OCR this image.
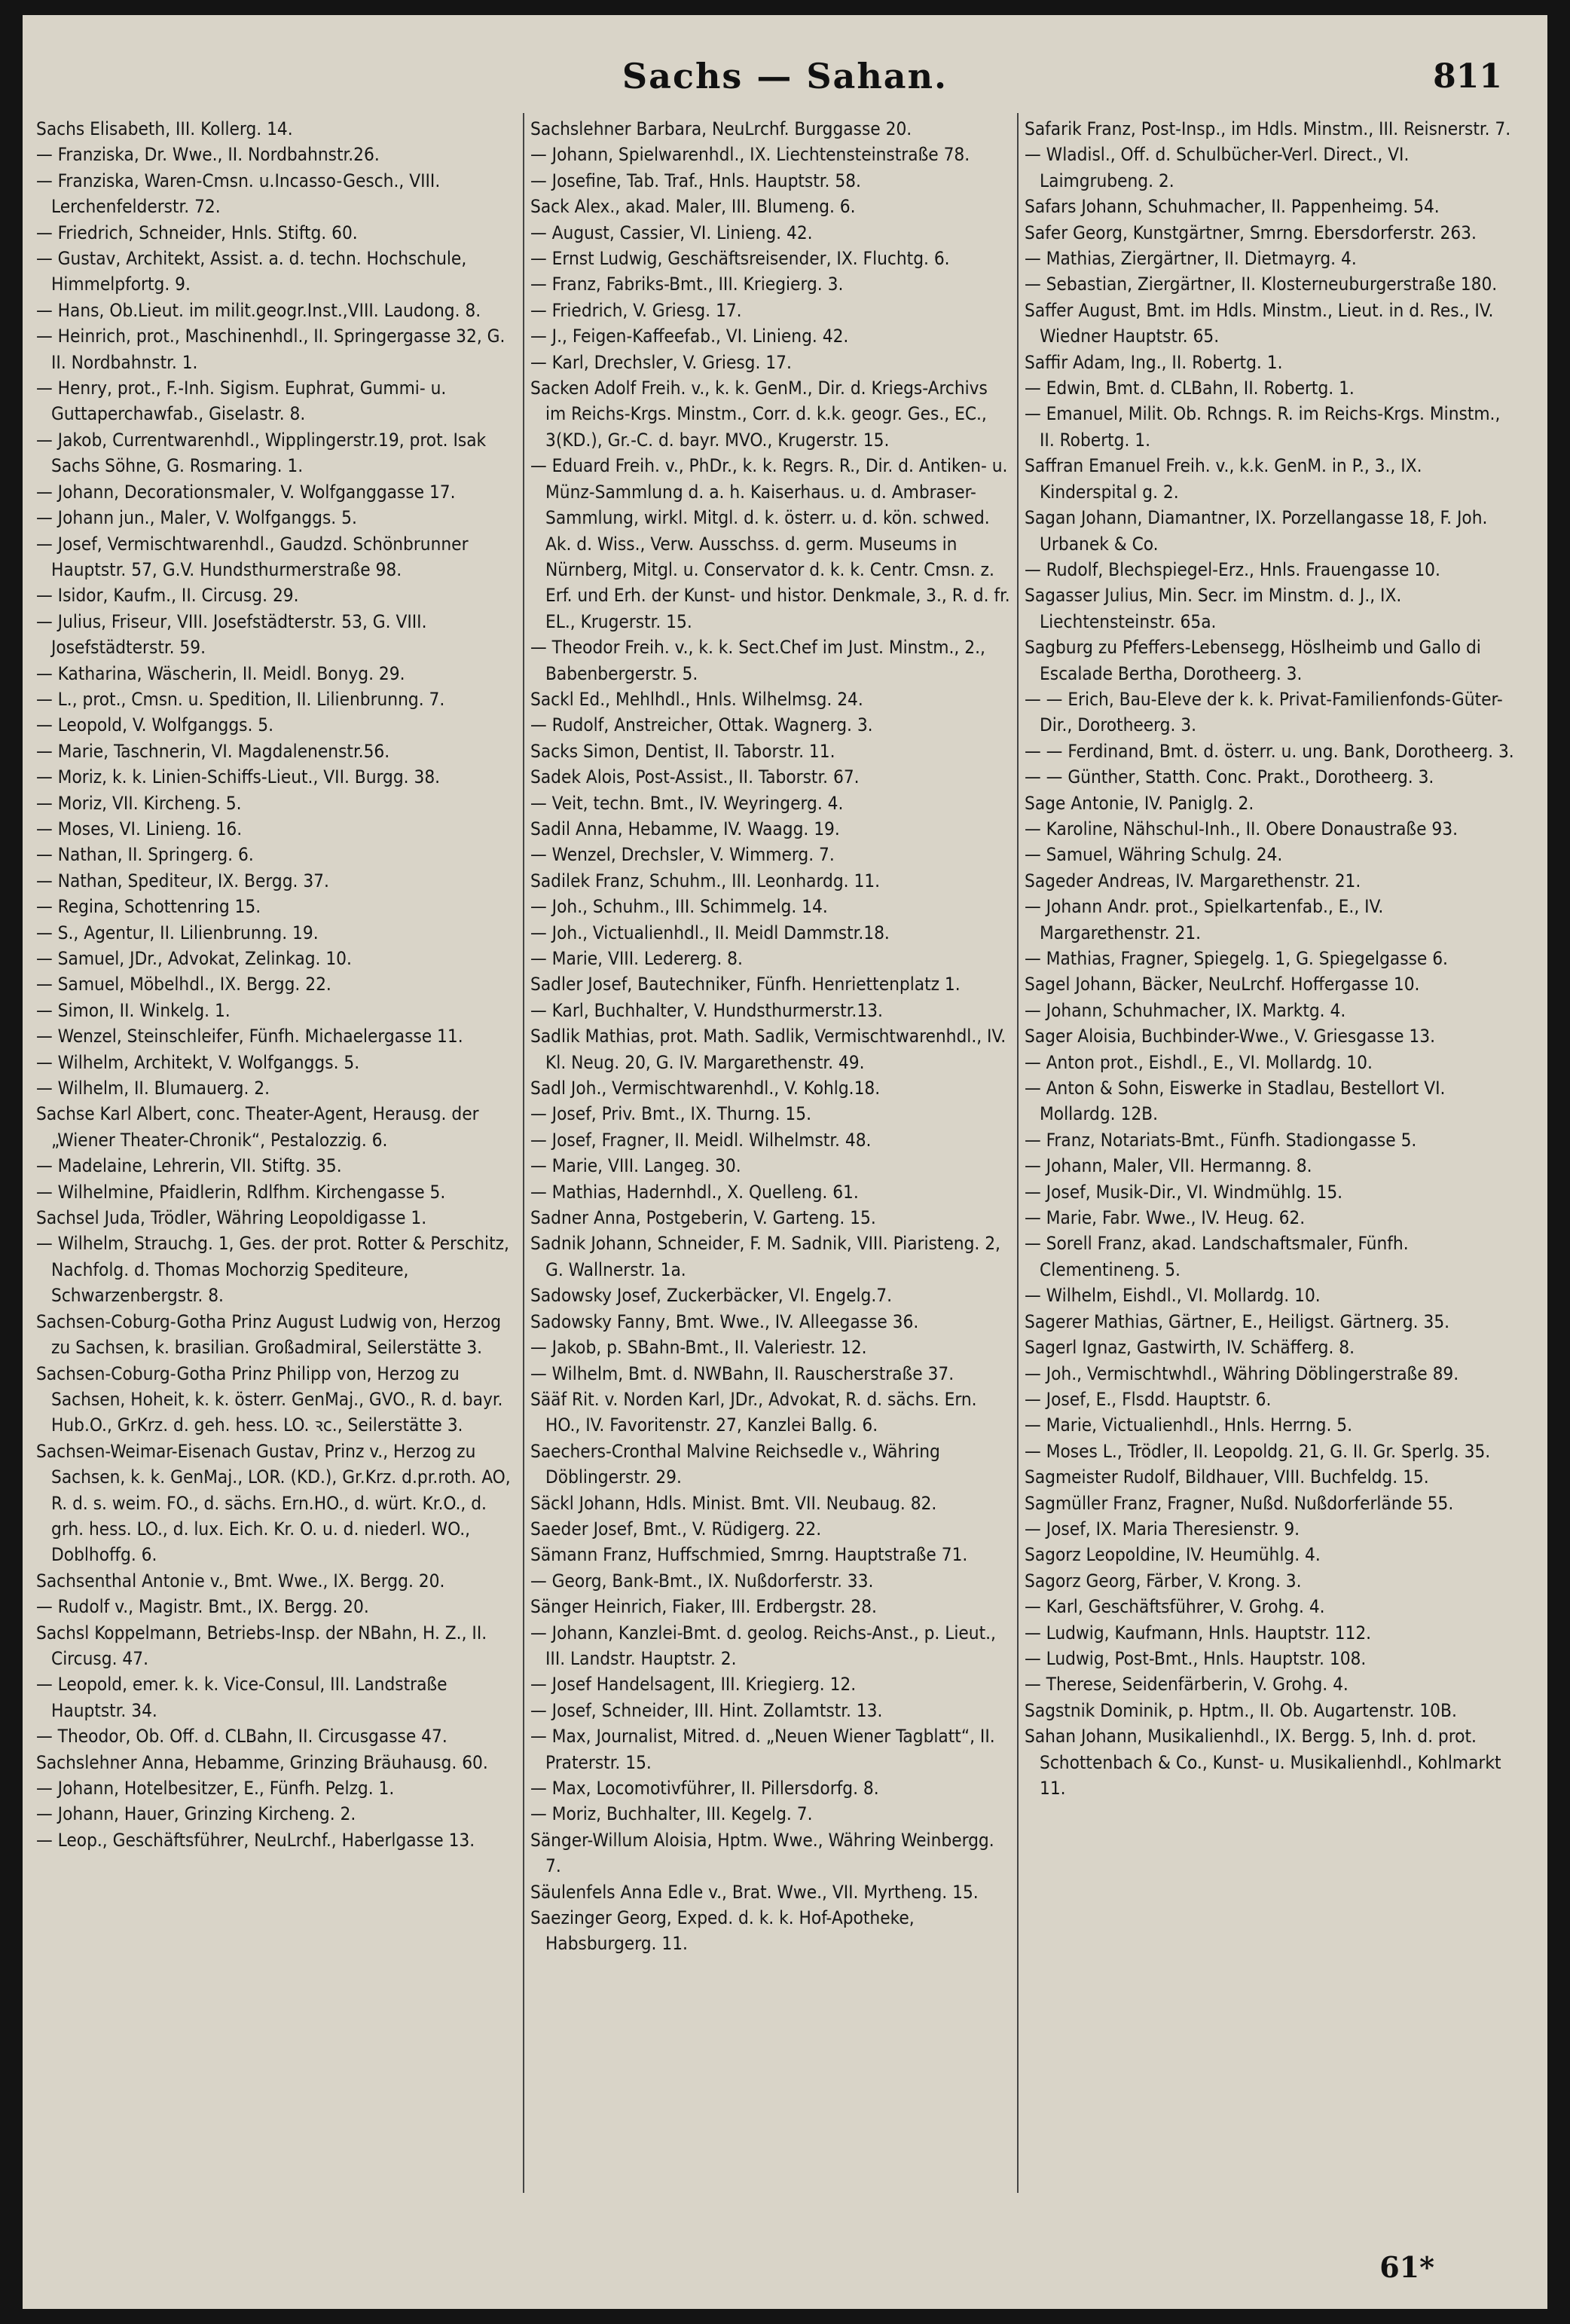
Sachs — Sahan.	811

Sachs Elisabeth, III. Kollerg. 14.

— Franziska, Dr. Wwe., II. Nordbahnstr.26.

— Franziska, Waren-Cmsn. u.Incasso-Gesch., VIII. Lerchenfelderstr. 72.

— Friedrich, Schneider, Hnls. Stiftg. 60.

— Gustav, Architekt, Assist. a. d. techn. Hochschule, Himmelpfortg. 9.

— Hans, Ob.Lieut. im milit.geogr.Inst.,VIII. Laudong. 8.

— Heinrich, prot., Maschinenhdl., II. Springergasse 32, G. II. Nordbahnstr. 1.

— Henry, prot., F.-Inh. Sigism. Euphrat, Gummi- u. Guttaperchawfab., Giselastr. 8.

— Jakob, Currentwarenhdl., Wipplingerstr.19, prot. Isak Sachs Söhne, G. Rosmaring. 1.

— Johann, Decorationsmaler, V. Wolfganggasse 17.

— Johann jun., Maler, V. Wolfganggs. 5.

— Josef, Vermischtwarenhdl., Gaudzd. Schönbrunner Hauptstr. 57, G.V. Hundsthurmerstraße 98.

— Isidor, Kaufm., II. Circusg. 29.

— Julius, Friseur, VIII. Josefstädterstr. 53, G. VIII. Josefstädterstr. 59.

— Katharina, Wäscherin, II. Meidl. Bonyg. 29.

— L., prot., Cmsn. u. Spedition, II. Lilienbrunng. 7.

— Leopold, V. Wolfganggs. 5.

— Marie, Taschnerin, VI. Magdalenenstr.56.

— Moriz, k. k. Linien-Schiffs-Lieut., VII. Burgg. 38.

— Moriz, VII. Kircheng. 5.

— Moses, VI. Linieng. 16.

— Nathan, II. Springerg. 6.

— Nathan, Spediteur, IX. Bergg. 37.

— Regina, Schottenring 15.

— S., Agentur, II. Lilienbrunng. 19.

— Samuel, JDr., Advokat, Zelinkag. 10.

— Samuel, Möbelhdl., IX. Bergg. 22.

— Simon, II. Winkelg. 1.

— Wenzel, Steinschleifer, Fünfh. Michaelergasse 11.

— Wilhelm, Architekt, V. Wolfganggs. 5.

— Wilhelm, II. Blumauerg. 2.

Sachse Karl Albert, conc. Theater-Agent, Herausg. der „Wiener Theater-Chronik“, Pestalozzig. 6.

— Madelaine, Lehrerin, VII. Stiftg. 35.

— Wilhelmine, Pfaidlerin, Rdlfhm. Kirchengasse 5.

Sachsel Juda, Trödler, Währing Leopoldigasse 1.

— Wilhelm, Strauchg. 1, Ges. der prot. Rotter & Perschitz, Nachfolg. d. Thomas Mochorzig Spediteure, Schwarzenbergstr. 8.

Sachsen-Coburg-Gotha Prinz August Ludwig von, Herzog zu Sachsen, k. brasilian. Großadmiral, Seilerstätte 3.

Sachsen-Coburg-Gotha Prinz Philipp von, Herzog zu Sachsen, Hoheit, k. k. österr. GenMaj., GVO., R. d. bayr. Hub.O., GrKrz. d. geh. hess. LO. ꝛc., Seilerstätte 3.

Sachsen-Weimar-Eisenach Gustav, Prinz v., Herzog zu Sachsen, k. k. GenMaj., LOR. (KD.), Gr.Krz. d.pr.roth. AO, R. d. s. weim. FO., d. sächs. Ern.HO., d. würt. Kr.O., d. grh. hess. LO., d. lux. Eich. Kr. O. u. d. niederl. WO., Doblhoffg. 6.

Sachsenthal Antonie v., Bmt. Wwe., IX. Bergg. 20.

— Rudolf v., Magistr. Bmt., IX. Bergg. 20.

Sachsl Koppelmann, Betriebs-Insp. der NBahn, H. Z., II. Circusg. 47.

— Leopold, emer. k. k. Vice-Consul, III. Landstraße Hauptstr. 34.

— Theodor, Ob. Off. d. CLBahn, II. Circusgasse 47.

Sachslehner Anna, Hebamme, Grinzing Bräuhausg. 60.

— Johann, Hotelbesitzer, E., Fünfh. Pelzg. 1.

— Johann, Hauer, Grinzing Kircheng. 2.

— Leop., Geschäftsführer, NeuLrchf., Haberlgasse 13.

Sachslehner Barbara, NeuLrchf. Burggasse 20.

— Johann, Spielwarenhdl., IX. Liechtensteinstraße 78.

— Josefine, Tab. Traf., Hnls. Hauptstr. 58.

Sack Alex., akad. Maler, III. Blumeng. 6.

— August, Cassier, VI. Linieng. 42.

— Ernst Ludwig, Geschäftsreisender, IX. Fluchtg. 6.

— Franz, Fabriks-Bmt., III. Kriegierg. 3.

— Friedrich, V. Griesg. 17.

— J., Feigen-Kaffeefab., VI. Linieng. 42.

— Karl, Drechsler, V. Griesg. 17.

Sacken Adolf Freih. v., k. k. GenM., Dir. d. Kriegs-Archivs im Reichs-Krgs. Minstm., Corr. d. k.k. geogr. Ges., EC., 3(KD.), Gr.-C. d. bayr. MVO., Krugerstr. 15.

— Eduard Freih. v., PhDr., k. k. Regrs. R., Dir. d. Antiken- u. Münz-Sammlung d. a. h. Kaiserhaus. u. d. Ambraser-Sammlung, wirkl. Mitgl. d. k. österr. u. d. kön. schwed. Ak. d. Wiss., Verw. Ausschss. d. germ. Museums in Nürnberg, Mitgl. u. Conservator d. k. k. Centr. Cmsn. z. Erf. und Erh. der Kunst- und histor. Denkmale, 3., R. d. fr. EL., Krugerstr. 15.

— Theodor Freih. v., k. k. Sect.Chef im Just. Minstm., 2., Babenbergerstr. 5.

Sackl Ed., Mehlhdl., Hnls. Wilhelmsg. 24.

— Rudolf, Anstreicher, Ottak. Wagnerg. 3.

Sacks Simon, Dentist, II. Taborstr. 11.

Sadek Alois, Post-Assist., II. Taborstr. 67.

— Veit, techn. Bmt., IV. Weyringerg. 4.

Sadil Anna, Hebamme, IV. Waagg. 19.

— Wenzel, Drechsler, V. Wimmerg. 7.

Sadilek Franz, Schuhm., III. Leonhardg. 11.

— Joh., Schuhm., III. Schimmelg. 14.

— Joh., Victualienhdl., II. Meidl Dammstr.18.

— Marie, VIII. Ledererg. 8.

Sadler Josef, Bautechniker, Fünfh. Henriettenplatz 1.

— Karl, Buchhalter, V. Hundsthurmerstr.13.

Sadlik Mathias, prot. Math. Sadlik, Vermischtwarenhdl., IV. Kl. Neug. 20, G. IV. Margarethenstr. 49.

Sadl Joh., Vermischtwarenhdl., V. Kohlg.18.

— Josef, Priv. Bmt., IX. Thurng. 15.

— Josef, Fragner, II. Meidl. Wilhelmstr. 48.

— Marie, VIII. Langeg. 30.

— Mathias, Hadernhdl., X. Quelleng. 61.

Sadner Anna, Postgeberin, V. Garteng. 15.

Sadnik Johann, Schneider, F. M. Sadnik, VIII. Piaristeng. 2, G. Wallnerstr. 1a.

Sadowsky Josef, Zuckerbäcker, VI. Engelg.7.

Sadowsky Fanny, Bmt. Wwe., IV. Alleegasse 36.

— Jakob, p. SBahn-Bmt., II. Valeriestr. 12.

— Wilhelm, Bmt. d. NWBahn, II. Rauscherstraße 37.

Sääf Rit. v. Norden Karl, JDr., Advokat, R. d. sächs. Ern. HO., IV. Favoritenstr. 27, Kanzlei Ballg. 6.

Saechers-Cronthal Malvine Reichsedle v., Währing Döblingerstr. 29.

Säckl Johann, Hdls. Minist. Bmt. VII. Neubaug. 82.

Saeder Josef, Bmt., V. Rüdigerg. 22.

Sämann Franz, Huffschmied, Smrng. Hauptstraße 71.

— Georg, Bank-Bmt., IX. Nußdorferstr. 33.

Sänger Heinrich, Fiaker, III. Erdbergstr. 28.

— Johann, Kanzlei-Bmt. d. geolog. Reichs-Anst., p. Lieut., III. Landstr. Hauptstr. 2.

— Josef Handelsagent, III. Kriegierg. 12.

— Josef, Schneider, III. Hint. Zollamtstr. 13.

— Max, Journalist, Mitred. d. „Neuen Wiener Tagblatt“, II. Praterstr. 15.

— Max, Locomotivführer, II. Pillersdorfg. 8.

— Moriz, Buchhalter, III. Kegelg. 7.

Sänger-Willum Aloisia, Hptm. Wwe., Währing Weinbergg. 7.

Säulenfels Anna Edle v., Brat. Wwe., VII. Myrtheng. 15.

Saezinger Georg, Exped. d. k. k. Hof-Apotheke, Habsburgerg. 11.

Safarik Franz, Post-Insp., im Hdls. Minstm., III. Reisnerstr. 7.

— Wladisl., Off. d. Schulbücher-Verl. Direct., VI. Laimgrubeng. 2.

Safars Johann, Schuhmacher, II. Pappenheimg. 54.

Safer Georg, Kunstgärtner, Smrng. Ebersdorferstr. 263.

— Mathias, Ziergärtner, II. Dietmayrg. 4.

— Sebastian, Ziergärtner, II. Klosterneuburgerstraße 180.

Saffer August, Bmt. im Hdls. Minstm., Lieut. in d. Res., IV. Wiedner Hauptstr. 65.

Saffir Adam, Ing., II. Robertg. 1.

— Edwin, Bmt. d. CLBahn, II. Robertg. 1.

— Emanuel, Milit. Ob. Rchngs. R. im Reichs-Krgs. Minstm., II. Robertg. 1.

Saffran Emanuel Freih. v., k.k. GenM. in P., 3., IX. Kinderspital g. 2.

Sagan Johann, Diamantner, IX. Porzellangasse 18, F. Joh. Urbanek & Co.

— Rudolf, Blechspiegel-Erz., Hnls. Frauengasse 10.

Sagasser Julius, Min. Secr. im Minstm. d. J., IX. Liechtensteinstr. 65a.

Sagburg zu Pfeffers-Lebensegg, Höslheimb und Gallo di Escalade Bertha, Dorotheerg. 3.

— — Erich, Bau-Eleve der k. k. Privat-Familienfonds-Güter-Dir., Dorotheerg. 3.

— — Ferdinand, Bmt. d. österr. u. ung. Bank, Dorotheerg. 3.

— — Günther, Statth. Conc. Prakt., Dorotheerg. 3.

Sage Antonie, IV. Paniglg. 2.

— Karoline, Nähschul-Inh., II. Obere Donaustraße 93.

— Samuel, Währing Schulg. 24.

Sageder Andreas, IV. Margarethenstr. 21.

— Johann Andr. prot., Spielkartenfab., E., IV. Margarethenstr. 21.

— Mathias, Fragner, Spiegelg. 1, G. Spiegelgasse 6.

Sagel Johann, Bäcker, NeuLrchf. Hoffergasse 10.

— Johann, Schuhmacher, IX. Marktg. 4.

Sager Aloisia, Buchbinder-Wwe., V. Griesgasse 13.

— Anton prot., Eishdl., E., VI. Mollardg. 10.

— Anton & Sohn, Eiswerke in Stadlau, Bestellort VI. Mollardg. 12B.

— Franz, Notariats-Bmt., Fünfh. Stadiongasse 5.

— Johann, Maler, VII. Hermanng. 8.

— Josef, Musik-Dir., VI. Windmühlg. 15.

— Marie, Fabr. Wwe., IV. Heug. 62.

— Sorell Franz, akad. Landschaftsmaler, Fünfh. Clementineng. 5.

— Wilhelm, Eishdl., VI. Mollardg. 10.

Sagerer Mathias, Gärtner, E., Heiligst. Gärtnerg. 35.

Sagerl Ignaz, Gastwirth, IV. Schäfferg. 8.

— Joh., Vermischtwhdl., Währing Döblingerstraße 89.

— Josef, E., Flsdd. Hauptstr. 6.

— Marie, Victualienhdl., Hnls. Herrng. 5.

— Moses L., Trödler, II. Leopoldg. 21, G. II. Gr. Sperlg. 35.

Sagmeister Rudolf, Bildhauer, VIII. Buchfeldg. 15.

Sagmüller Franz, Fragner, Nußd. Nußdorferlände 55.

— Josef, IX. Maria Theresienstr. 9.

Sagorz Leopoldine, IV. Heumühlg. 4.

Sagorz Georg, Färber, V. Krong. 3.

— Karl, Geschäftsführer, V. Grohg. 4.

— Ludwig, Kaufmann, Hnls. Hauptstr. 112.

— Ludwig, Post-Bmt., Hnls. Hauptstr. 108.

— Therese, Seidenfärberin, V. Grohg. 4.

Sagstnik Dominik, p. Hptm., II. Ob. Augartenstr. 10B.

Sahan Johann, Musikalienhdl., IX. Bergg. 5, Inh. d. prot. Schottenbach & Co., Kunst- u. Musikalienhdl., Kohlmarkt 11.

61*
